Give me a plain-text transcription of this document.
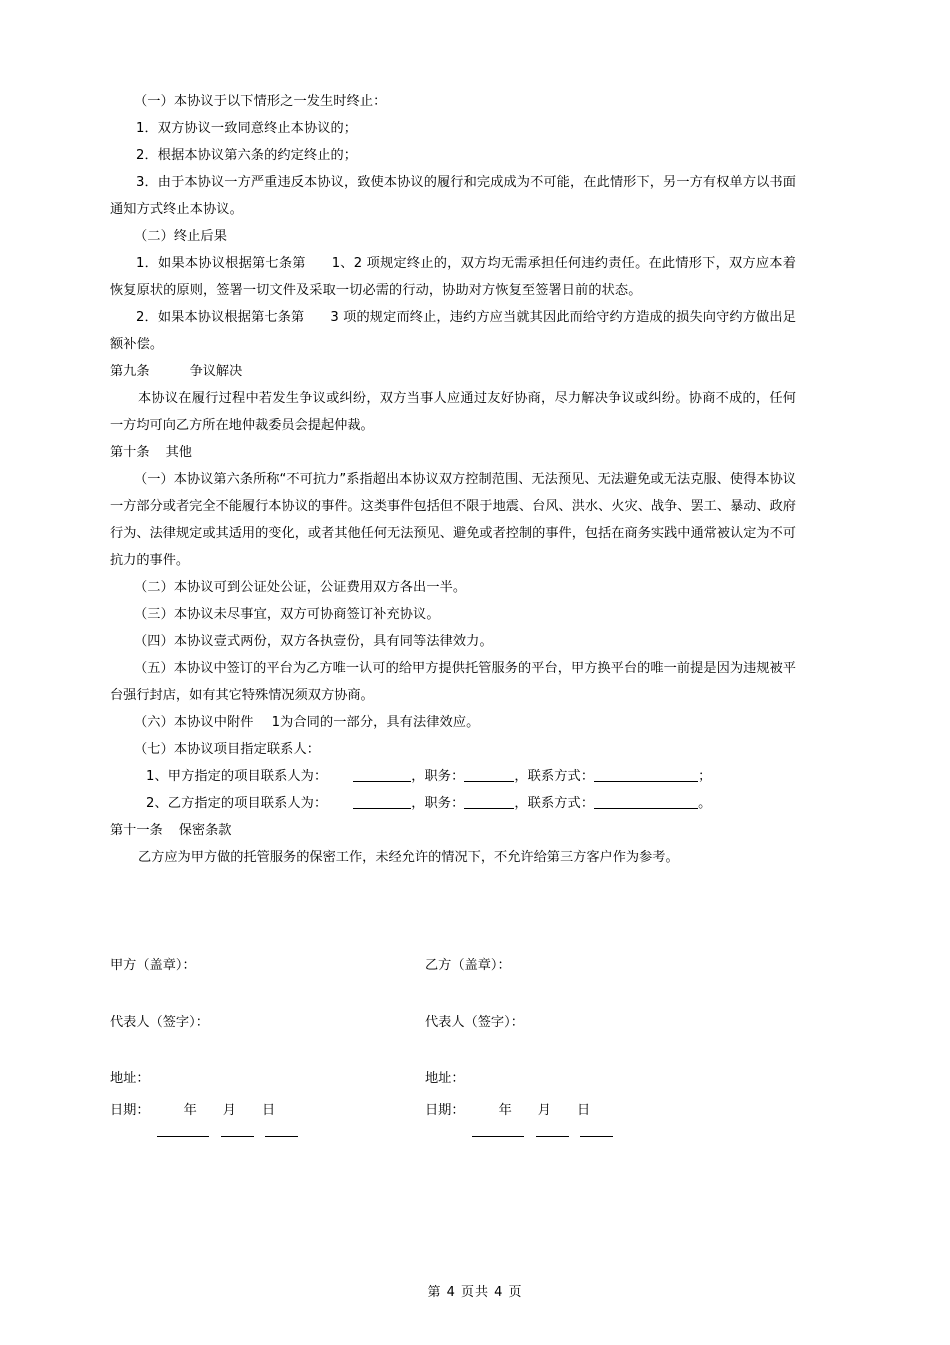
（一）本协议于以下情形之一发生时终止：

1．双方协议一致同意终止本协议的；

2．根据本协议第六条的约定终止的；

3．由于本协议一方严重违反本协议，致使本协议的履行和完成成为不可能，在此情形下，另一方有权单方以书面通知方式终止本协议。

（二）终止后果

1．如果本协议根据第七条第 1、2 项规定终止的，双方均无需承担任何违约责任。在此情形下，双方应本着恢复原状的原则，签署一切文件及采取一切必需的行动，协助对方恢复至签署日前的状态。

2．如果本协议根据第七条第 3 项的规定而终止，违约方应当就其因此而给守约方造成的损失向守约方做出足额补偿。

第九条	争议解决

本协议在履行过程中若发生争议或纠纷，双方当事人应通过友好协商，尽力解决争议或纠纷。协商不成的，任何一方均可向乙方所在地仲裁委员会提起仲裁。

第十条 其他

（一）本协议第六条所称“不可抗力”系指超出本协议双方控制范围、无法预见、无法避免或无法克服、使得本协议一方部分或者完全不能履行本协议的事件。这类事件包括但不限于地震、台风、洪水、火灾、战争、罢工、暴动、政府行为、法律规定或其适用的变化，或者其他任何无法预见、避免或者控制的事件，包括在商务实践中通常被认定为不可抗力的事件。

（二）本协议可到公证处公证，公证费用双方各出一半。

（三）本协议未尽事宜，双方可协商签订补充协议。

（四）本协议壹式两份，双方各执壹份，具有同等法律效力。

（五）本协议中签订的平台为乙方唯一认可的给甲方提供托管服务的平台，甲方换平台的唯一前提是因为违规被平台强行封店，如有其它特殊情况须双方协商。

（六）本协议中附件 1为合同的一部分，具有法律效应。

（七）本协议项目指定联系人：

1、甲方指定的项目联系人为：	，职务：	，联系方式：	；

2、乙方指定的项目联系人为：	，职务：	，联系方式：	。

第十一条 保密条款

乙方应为甲方做的托管服务的保密工作，未经允许的情况下，不允许给第三方客户作为参考。

甲方（盖章）：	乙方（盖章）：
代表人（签字）：	代表人（签字）：
地址：	地址：
日期：	年 月 日	日期：	年 月 日
第 4 页共 4 页
